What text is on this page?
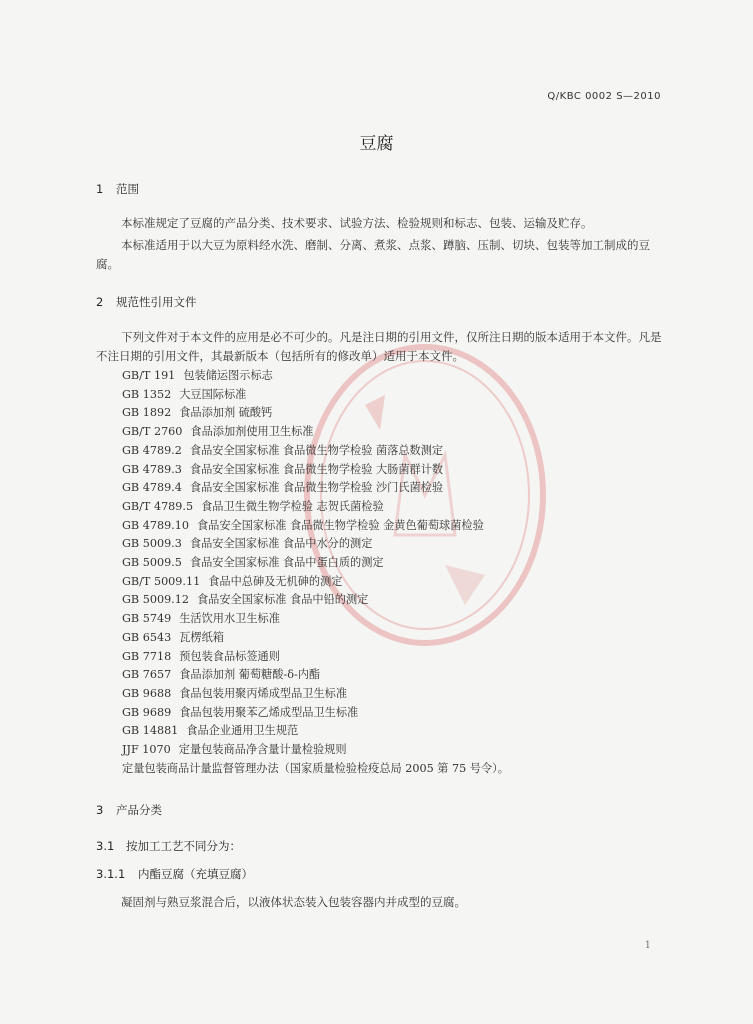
Q/KBC 0002 S—2010
豆腐
1 范围
本标准规定了豆腐的产品分类、技术要求、试验方法、检验规则和标志、包装、运输及贮存。
本标准适用于以大豆为原料经水洗、磨制、分离、煮浆、点浆、蹲脑、压制、切块、包装等加工制成的豆腐。
2 规范性引用文件
下列文件对于本文件的应用是必不可少的。凡是注日期的引用文件，仅所注日期的版本适用于本文件。凡是不注日期的引用文件，其最新版本（包括所有的修改单）适用于本文件。
GB/T 191 包装储运图示标志
GB 1352 大豆国际标准
GB 1892 食品添加剂 硫酸钙
GB/T 2760 食品添加剂使用卫生标准
GB 4789.2 食品安全国家标准 食品微生物学检验 菌落总数测定
GB 4789.3 食品安全国家标准 食品微生物学检验 大肠菌群计数
GB 4789.4 食品安全国家标准 食品微生物学检验 沙门氏菌检验
GB/T 4789.5 食品卫生微生物学检验 志贺氏菌检验
GB 4789.10 食品安全国家标准 食品微生物学检验 金黄色葡萄球菌检验
GB 5009.3 食品安全国家标准 食品中水分的测定
GB 5009.5 食品安全国家标准 食品中蛋白质的测定
GB/T 5009.11 食品中总砷及无机砷的测定
GB 5009.12 食品安全国家标准 食品中铅的测定
GB 5749 生活饮用水卫生标准
GB 6543 瓦楞纸箱
GB 7718 预包装食品标签通则
GB 7657 食品添加剂 葡萄糖酸-δ-内酯
GB 9688 食品包装用聚丙烯成型品卫生标准
GB 9689 食品包装用聚苯乙烯成型品卫生标准
GB 14881 食品企业通用卫生规范
JJF 1070 定量包装商品净含量计量检验规则
定量包装商品计量监督管理办法（国家质量检验检疫总局 2005 第 75 号令）。
3 产品分类
3.1 按加工工艺不同分为：
3.1.1 内酯豆腐（充填豆腐）
凝固剂与熟豆浆混合后，以液体状态装入包装容器内并成型的豆腐。
1
